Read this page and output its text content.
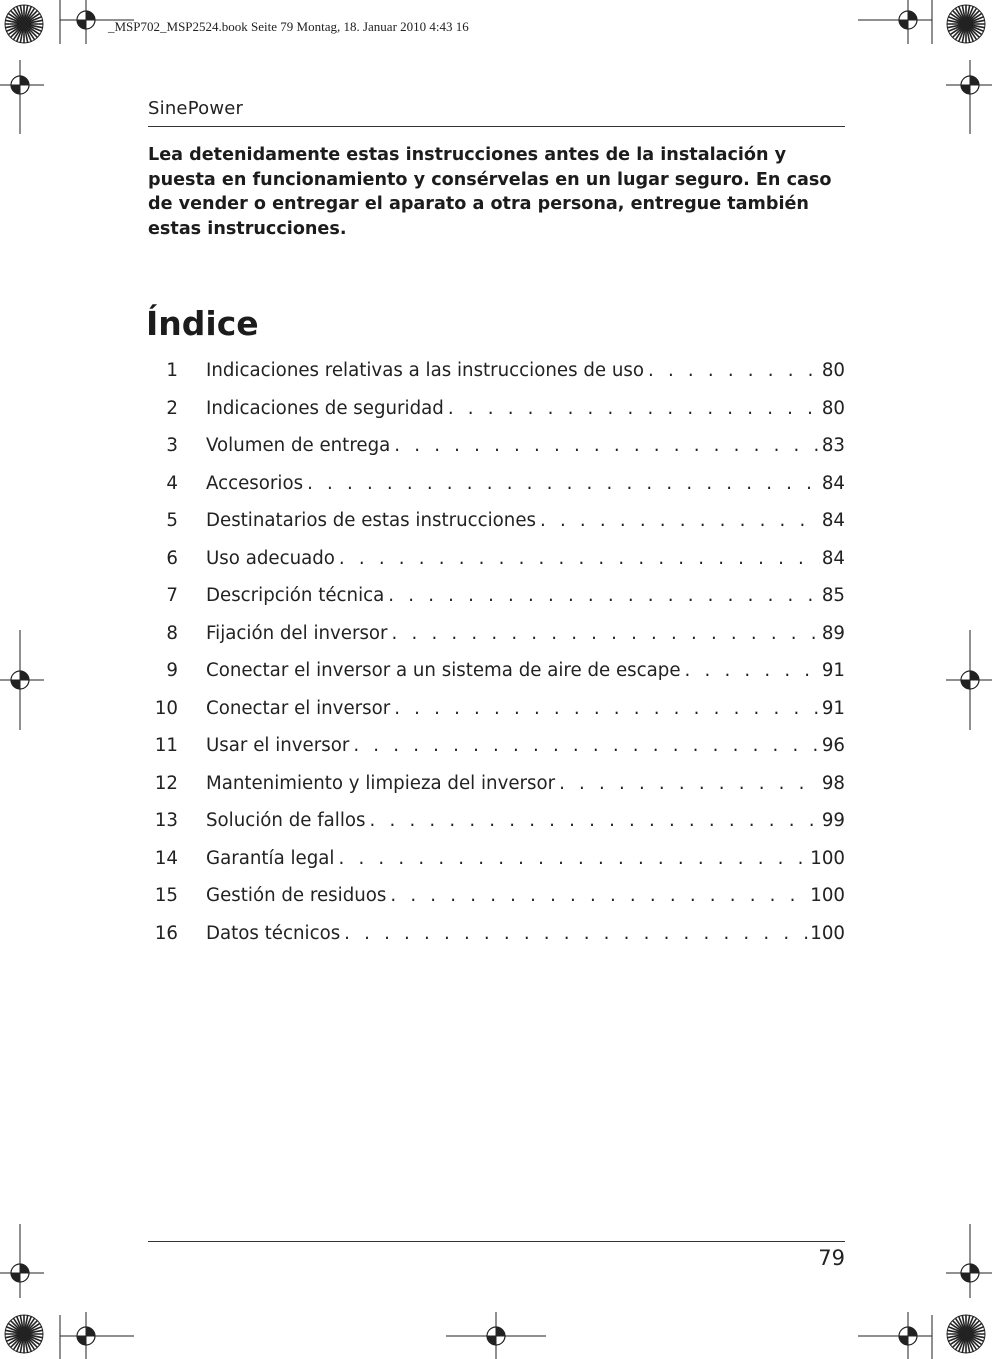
_MSP702_MSP2524.book Seite 79 Montag, 18. Januar 2010 4:43 16
SinePower
Lea detenidamente estas instrucciones antes de la instalación y puesta en funcionamiento y consérvelas en un lugar seguro. En caso de vender o entregar el aparato a otra persona, entregue también estas instrucciones.
Índice
1 Indicaciones relativas a las instrucciones de uso . . .	80
2 Indicaciones de seguridad . . .	80
3 Volumen de entrega . . .	83
4 Accesorios . . .	84
5 Destinatarios de estas instrucciones . . .	84
6 Uso adecuado . . .	84
7 Descripción técnica . . .	85
8 Fijación del inversor . . .	89
9 Conectar el inversor a un sistema de aire de escape . . .	91
10 Conectar el inversor . . .	91
11 Usar el inversor . . .	96
12 Mantenimiento y limpieza del inversor . . .	98
13 Solución de fallos . . .	99
14 Garantía legal . . .	100
15 Gestión de residuos . . .	100
16 Datos técnicos . . .	100
79
